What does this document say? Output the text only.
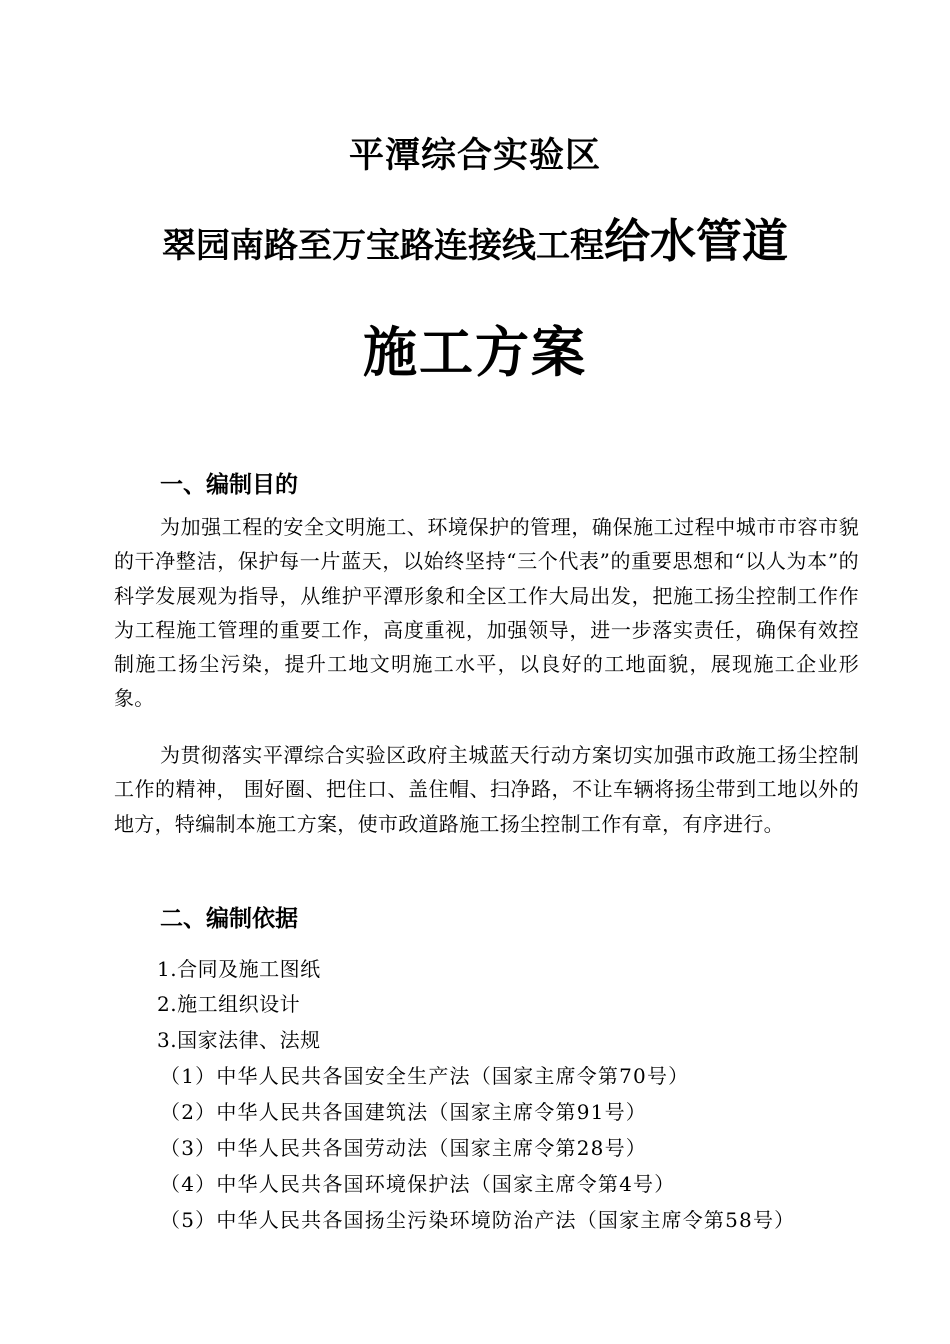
平潭综合实验区
翠园南路至万宝路连接线工程给水管道
施工方案
一、编制目的
为加强工程的安全文明施工、环境保护的管理，确保施工过程中城市市容市貌的干净整洁，保护每一片蓝天，以始终坚持“三个代表”的重要思想和“以人为本”的科学发展观为指导，从维护平潭形象和全区工作大局出发，把施工扬尘控制工作作为工程施工管理的重要工作，高度重视，加强领导，进一步落实责任，确保有效控制施工扬尘污染，提升工地文明施工水平，以良好的工地面貌，展现施工企业形象。
为贯彻落实平潭综合实验区政府主城蓝天行动方案切实加强市政施工扬尘控制工作的精神， 围好圈、把住口、盖住帽、扫净路，不让车辆将扬尘带到工地以外的地方，特编制本施工方案，使市政道路施工扬尘控制工作有章，有序进行。
二、编制依据
1.合同及施工图纸
2.施工组织设计
3.国家法律、法规
（1）中华人民共各国安全生产法（国家主席令第70号）
（2）中华人民共各国建筑法（国家主席令第91号）
（3）中华人民共各国劳动法（国家主席令第28号）
（4）中华人民共各国环境保护法（国家主席令第4号）
（5）中华人民共各国扬尘污染环境防治产法（国家主席令第58号）
